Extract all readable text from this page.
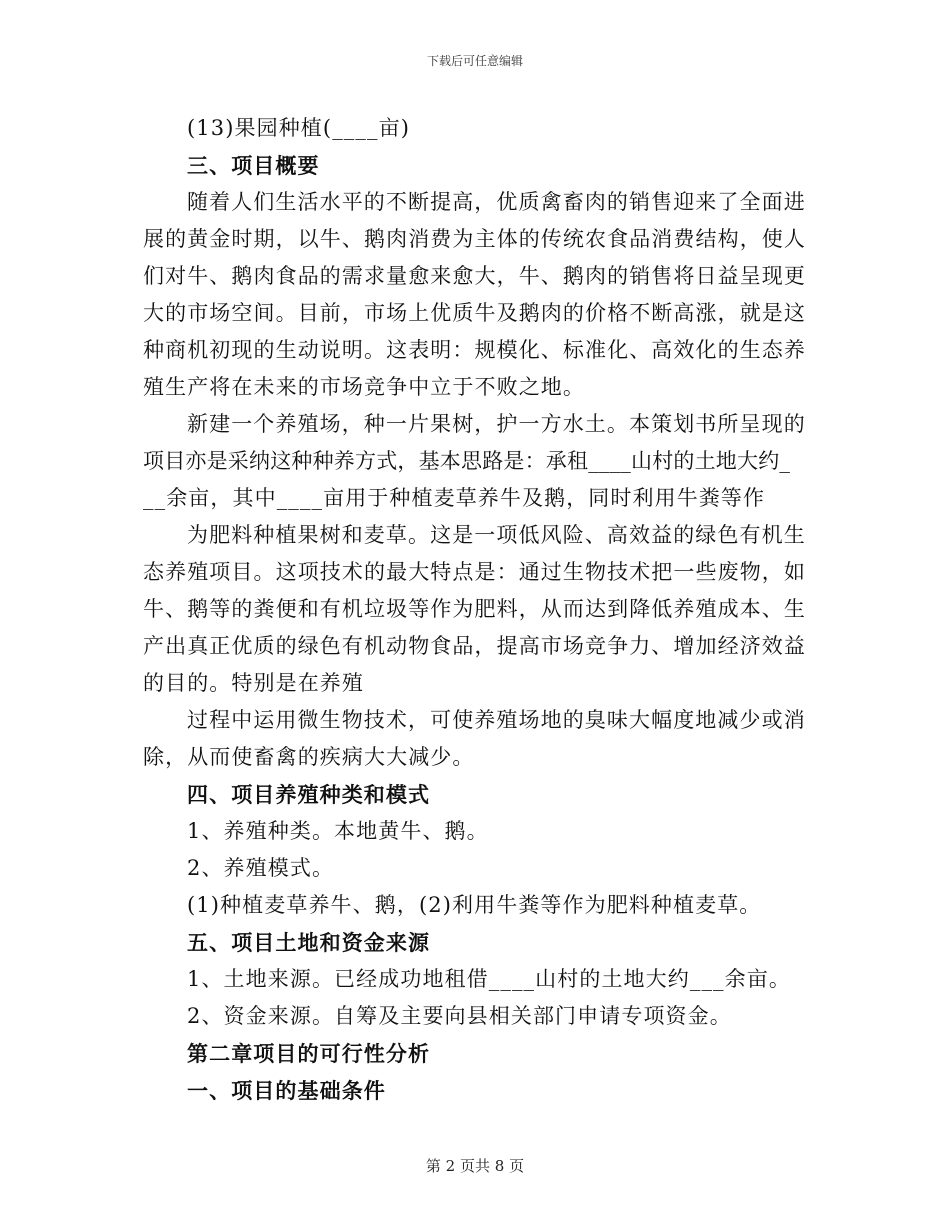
下载后可任意编辑
(13)果园种植(____亩)
三、项目概要
随着人们生活水平的不断提高，优质禽畜肉的销售迎来了全面进
展的黄金时期，以牛、鹅肉消费为主体的传统农食品消费结构，使人
们对牛、鹅肉食品的需求量愈来愈大，牛、鹅肉的销售将日益呈现更
大的市场空间。目前，市场上优质牛及鹅肉的价格不断高涨，就是这
种商机初现的生动说明。这表明：规模化、标准化、高效化的生态养
殖生产将在未来的市场竞争中立于不败之地。
新建一个养殖场，种一片果树，护一方水土。本策划书所呈现的
项目亦是采纳这种种养方式，基本思路是：承租____山村的土地大约_
__余亩，其中____亩用于种植麦草养牛及鹅，同时利用牛粪等作
为肥料种植果树和麦草。这是一项低风险、高效益的绿色有机生
态养殖项目。这项技术的最大特点是：通过生物技术把一些废物，如
牛、鹅等的粪便和有机垃圾等作为肥料，从而达到降低养殖成本、生
产出真正优质的绿色有机动物食品，提高市场竞争力、增加经济效益
的目的。特别是在养殖
过程中运用微生物技术，可使养殖场地的臭味大幅度地减少或消
除，从而使畜禽的疾病大大减少。
四、项目养殖种类和模式
1、养殖种类。本地黄牛、鹅。
2、养殖模式。
(1)种植麦草养牛、鹅，(2)利用牛粪等作为肥料种植麦草。
五、项目土地和资金来源
1、土地来源。已经成功地租借____山村的土地大约___余亩。
2、资金来源。自筹及主要向县相关部门申请专项资金。
第二章项目的可行性分析
一、项目的基础条件
第 2 页共 8 页
